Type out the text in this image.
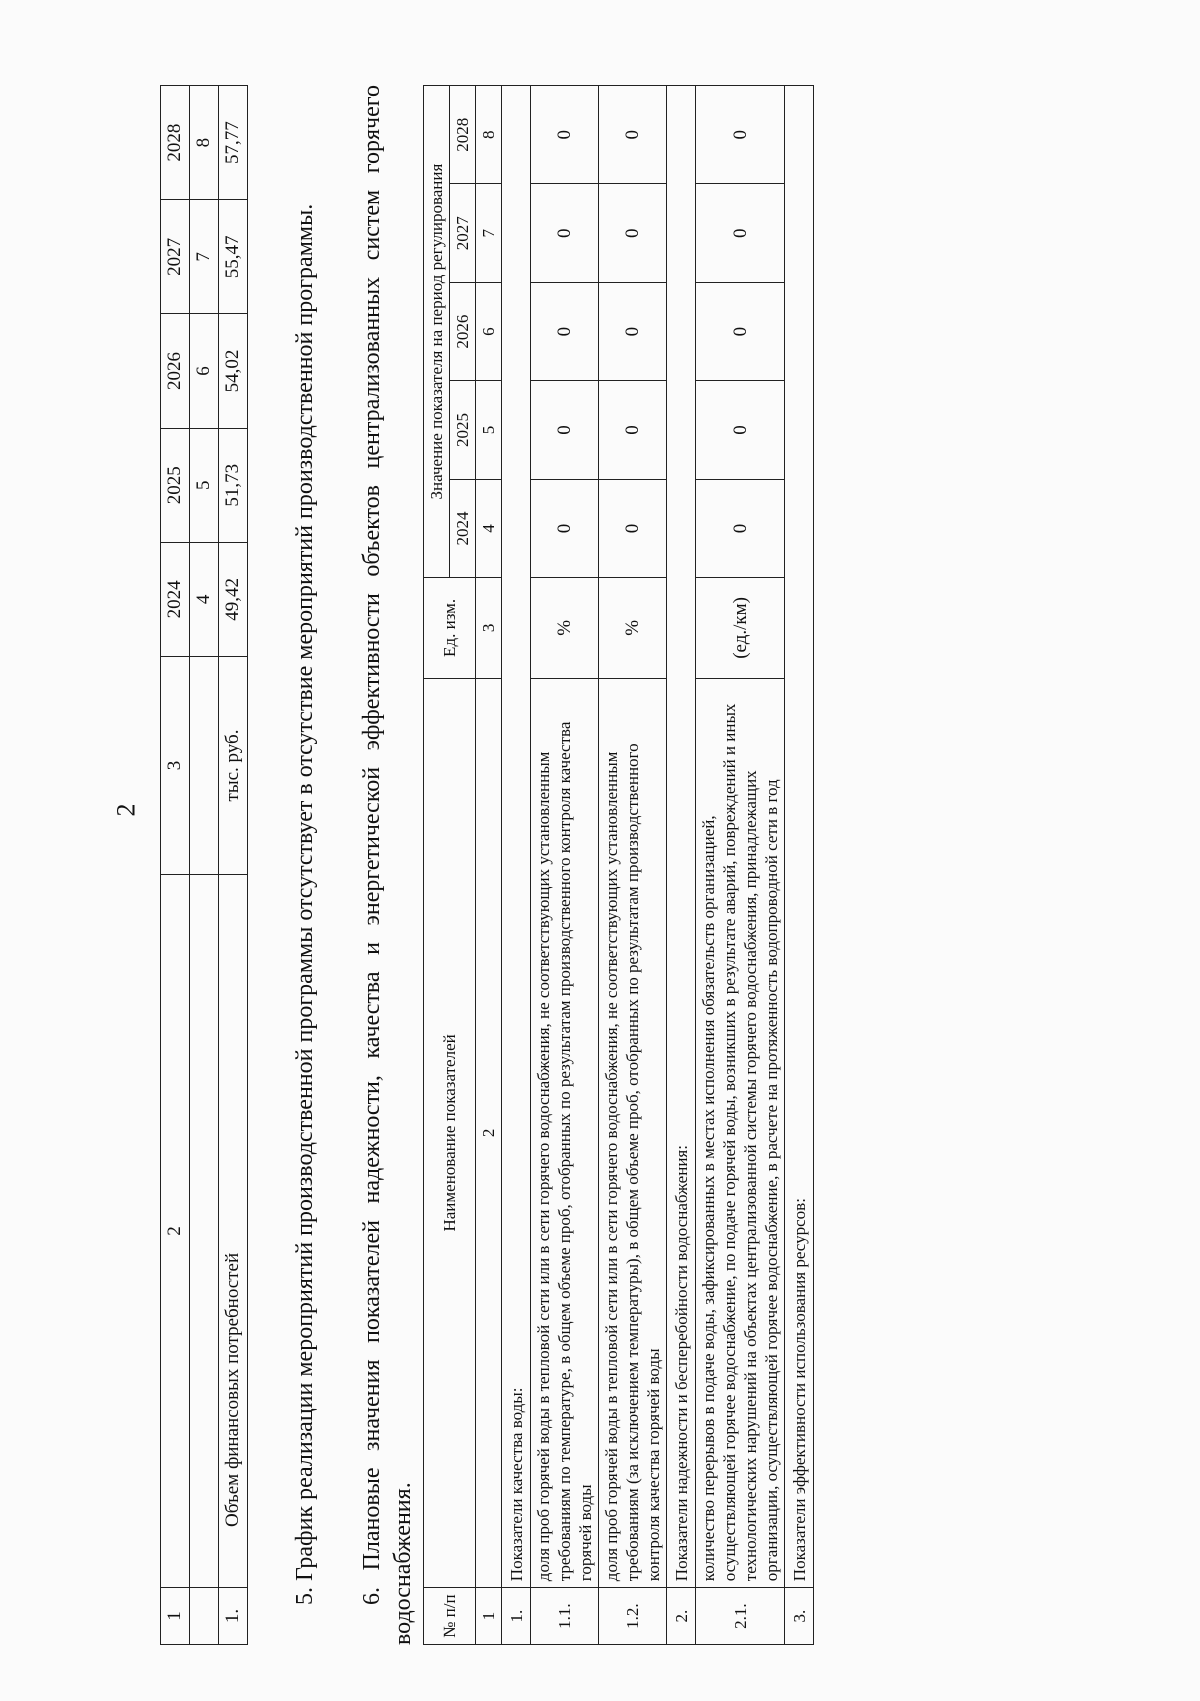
2
1	2	3	2024	2025	2026	2027	2028
			4	5	6	7	8
1.	Объем финансовых потребностей	тыс. руб.	49,42	51,73	54,02	55,47	57,77

5. График реализации мероприятий производственной программы отсутствует в отсутствие мероприятий производственной программы. 6. Плановые значения показателей надежности, качества и энергетической эффективности объектов централизованных систем горячего водоснабжения. № п/п	Наименование показателей	Ед. изм.	Значение показателя на период регулирования				
			2024	2025	2026	2027	2028
1	2	3	4	5	6	7	8
1.	Показатели качества воды:						
1.1.	доля проб горячей воды в тепловой сети или в сети горячего водоснабжения, не соответствующих установленным требованиям по температуре, в общем объеме проб, отобранных по результатам производственного контроля качества горячей воды	%	0	0	0	0	0
1.2.	доля проб горячей воды в тепловой сети или в сети горячего водоснабжения, не соответствующих установленным требованиям (за исключением температуры), в общем объеме проб, отобранных по результатам производственного контроля качества горячей воды	%	0	0	0	0	0
2.	Показатели надежности и бесперебойности водоснабжения:						
2.1.	количество перерывов в подаче воды, зафиксированных в местах исполнения обязательств организацией, осуществляющей горячее водоснабжение, по подаче горячей воды, возникших в результате аварий, повреждений и иных технологических нарушений на объектах централизованной системы горячего водоснабжения, принадлежащих организации, осуществляющей горячее водоснабжение, в расчете на протяженность водопроводной сети в год	(ед./км)	0	0	0	0	0
3.	Показатели эффективности использования ресурсов:						
